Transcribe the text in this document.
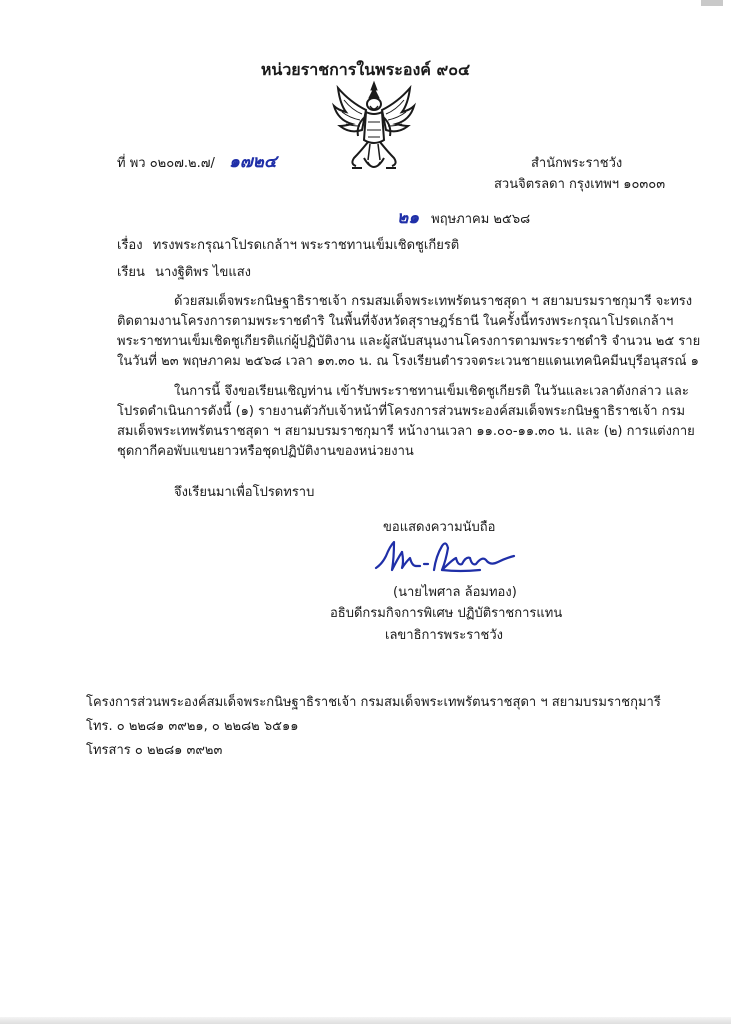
หน่วยราชการในพระองค์ ๙๐๔
ที่ พว ๐๒๐๗.๒.๗/ ๑๗๒๔	สำนักพระราชวัง
สวนจิตรลดา กรุงเทพฯ ๑๐๓๐๓
๒๑ พฤษภาคม ๒๕๖๘
เรื่อง ทรงพระกรุณาโปรดเกล้าฯ พระราชทานเข็มเชิดชูเกียรติ
เรียน นางฐิติพร ไขแสง
ด้วยสมเด็จพระกนิษฐาธิราชเจ้า กรมสมเด็จพระเทพรัตนราชสุดา ฯ สยามบรมราชกุมารี จะทรง
ติดตามงานโครงการตามพระราชดำริ ในพื้นที่จังหวัดสุราษฎร์ธานี ในครั้งนี้ทรงพระกรุณาโปรดเกล้าฯ
พระราชทานเข็มเชิดชูเกียรติแก่ผู้ปฏิบัติงาน และผู้สนับสนุนงานโครงการตามพระราชดำริ จำนวน ๒๕ ราย
ในวันที่ ๒๓ พฤษภาคม ๒๕๖๘ เวลา ๑๓.๓๐ น. ณ โรงเรียนตำรวจตระเวนชายแดนเทคนิคมีนบุรีอนุสรณ์ ๑
ในการนี้ จึงขอเรียนเชิญท่าน เข้ารับพระราชทานเข็มเชิดชูเกียรติ ในวันและเวลาดังกล่าว และ
โปรดดำเนินการดังนี้ (๑) รายงานตัวกับเจ้าหน้าที่โครงการส่วนพระองค์สมเด็จพระกนิษฐาธิราชเจ้า กรม
สมเด็จพระเทพรัตนราชสุดา ฯ สยามบรมราชกุมารี หน้างานเวลา ๑๑.๐๐-๑๑.๓๐ น. และ (๒) การแต่งกาย
ชุดกากีคอพับแขนยาวหรือชุดปฏิบัติงานของหน่วยงาน
จึงเรียนมาเพื่อโปรดทราบ
ขอแสดงความนับถือ
(นายไพศาล ล้อมทอง)
อธิบดีกรมกิจการพิเศษ ปฏิบัติราชการแทน
เลขาธิการพระราชวัง
โครงการส่วนพระองค์สมเด็จพระกนิษฐาธิราชเจ้า กรมสมเด็จพระเทพรัตนราชสุดา ฯ สยามบรมราชกุมารี
โทร. ๐ ๒๒๘๑ ๓๙๒๑, ๐ ๒๒๘๒ ๖๕๑๑
โทรสาร ๐ ๒๒๘๑ ๓๙๒๓
